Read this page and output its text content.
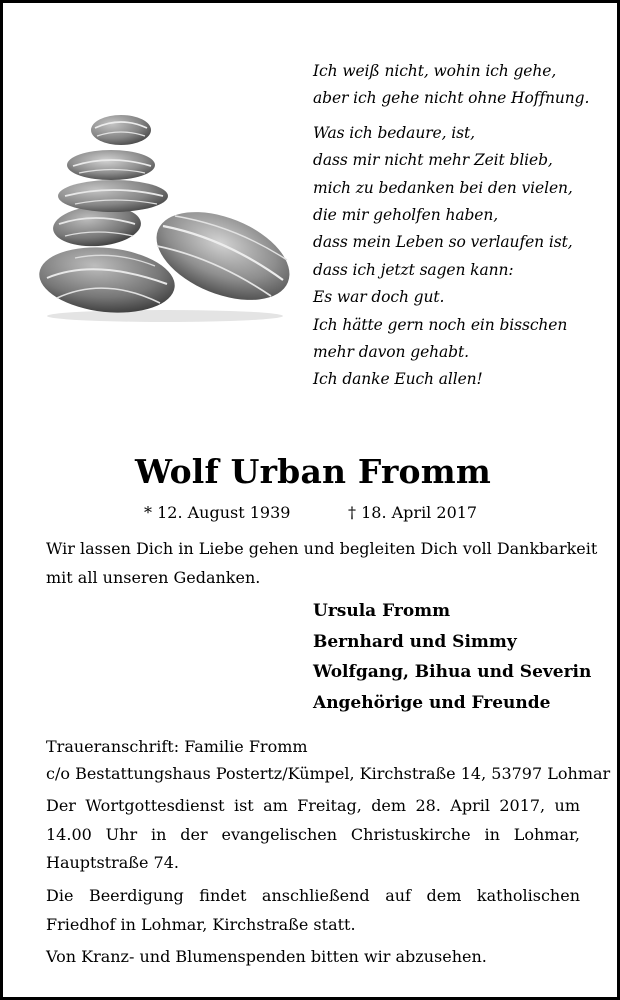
Ich weiß nicht, wohin ich gehe,
aber ich gehe nicht ohne Hoffnung.

Was ich bedaure, ist,
dass mir nicht mehr Zeit blieb,
mich zu bedanken bei den vielen,
die mir geholfen haben,
dass mein Leben so verlaufen ist,
dass ich jetzt sagen kann:
Es war doch gut.
Ich hätte gern noch ein bisschen
mehr davon gehabt.
Ich danke Euch allen!

Wolf Urban Fromm
* 12. August 1939	† 18. April 2017
Wir lassen Dich in Liebe gehen und begleiten Dich voll Dankbarkeit
mit all unseren Gedanken.
Ursula Fromm
Bernhard und Simmy
Wolfgang, Bihua und Severin
Angehörige und Freunde
Traueranschrift: Familie Fromm
c/o Bestattungshaus Postertz/Kümpel, Kirchstraße 14, 53797 Lohmar
Der Wortgottesdienst ist am Freitag, dem 28. April 2017, um 14.00 Uhr in der evangelischen Christuskirche in Lohmar, Hauptstraße 74.
Die Beerdigung findet anschließend auf dem katholischen Friedhof in Lohmar, Kirchstraße statt.
Von Kranz- und Blumenspenden bitten wir abzusehen.
